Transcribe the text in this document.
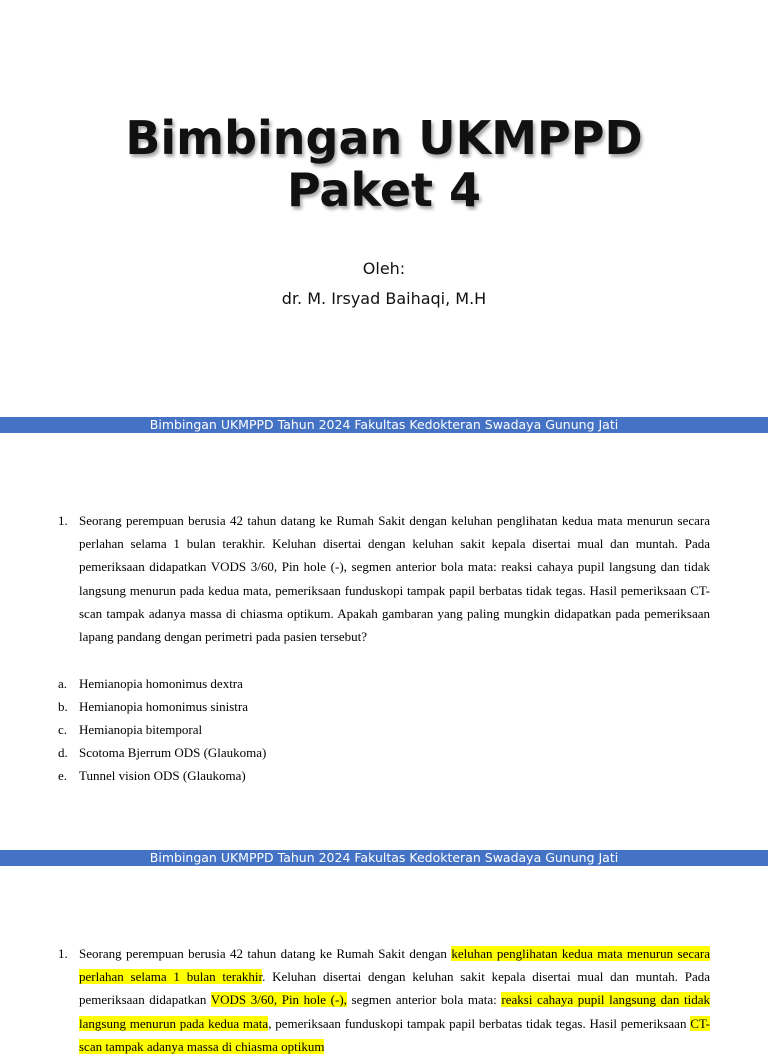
Bimbingan UKMPPD
Paket 4
Oleh:
dr. M. Irsyad Baihaqi, M.H
Bimbingan UKMPPD Tahun 2024 Fakultas Kedokteran Swadaya Gunung Jati
1. Seorang perempuan berusia 42 tahun datang ke Rumah Sakit dengan keluhan penglihatan kedua mata menurun secara perlahan selama 1 bulan terakhir. Keluhan disertai dengan keluhan sakit kepala disertai mual dan muntah. Pada pemeriksaan didapatkan VODS 3/60, Pin hole (-), segmen anterior bola mata: reaksi cahaya pupil langsung dan tidak langsung menurun pada kedua mata, pemeriksaan funduskopi tampak papil berbatas tidak tegas. Hasil pemeriksaan CT-scan tampak adanya massa di chiasma optikum. Apakah gambaran yang paling mungkin didapatkan pada pemeriksaan lapang pandang dengan perimetri pada pasien tersebut?
a. Hemianopia homonimus dextra
b. Hemianopia homonimus sinistra
c. Hemianopia bitemporal
d. Scotoma Bjerrum ODS (Glaukoma)
e. Tunnel vision ODS (Glaukoma)
Bimbingan UKMPPD Tahun 2024 Fakultas Kedokteran Swadaya Gunung Jati
1. Seorang perempuan berusia 42 tahun datang ke Rumah Sakit dengan keluhan penglihatan kedua mata menurun secara perlahan selama 1 bulan terakhir. Keluhan disertai dengan keluhan sakit kepala disertai mual dan muntah. Pada pemeriksaan didapatkan VODS 3/60, Pin hole (-), segmen anterior bola mata: reaksi cahaya pupil langsung dan tidak langsung menurun pada kedua mata, pemeriksaan funduskopi tampak papil berbatas tidak tegas. Hasil pemeriksaan CT-scan tampak adanya massa di chiasma optikum
